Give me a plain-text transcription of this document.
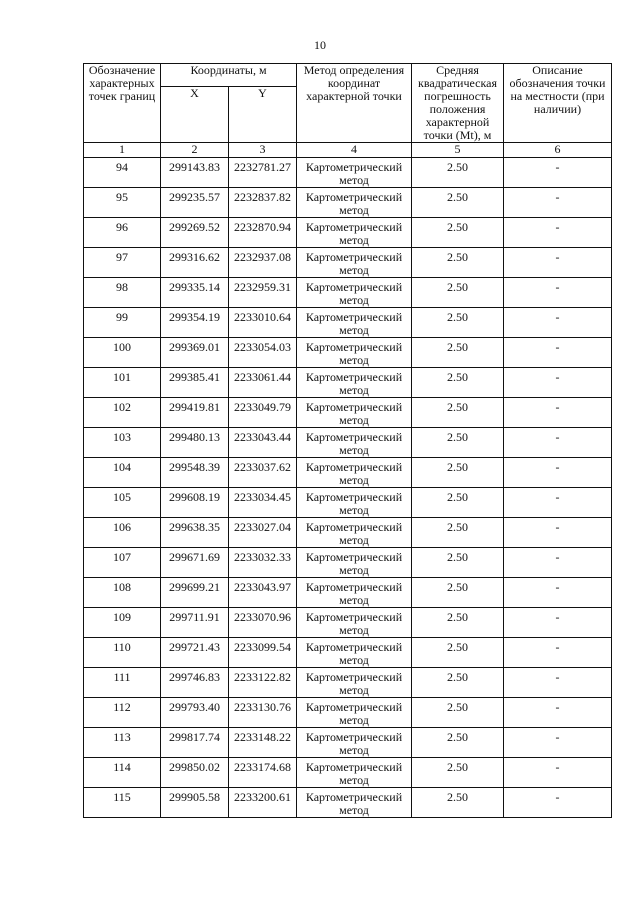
10
Обозначение характерных точек границ	Координаты, м		Метод определения координат характерной точки	Средняя квадратическая погрешность положения характерной точки (Mt), м	Описание обозначения точки на местности (при наличии)
	X	Y			
1	2	3	4	5	6
94	299143.83	2232781.27	Картометрический метод	2.50	-
95	299235.57	2232837.82	Картометрический метод	2.50	-
96	299269.52	2232870.94	Картометрический метод	2.50	-
97	299316.62	2232937.08	Картометрический метод	2.50	-
98	299335.14	2232959.31	Картометрический метод	2.50	-
99	299354.19	2233010.64	Картометрический метод	2.50	-
100	299369.01	2233054.03	Картометрический метод	2.50	-
101	299385.41	2233061.44	Картометрический метод	2.50	-
102	299419.81	2233049.79	Картометрический метод	2.50	-
103	299480.13	2233043.44	Картометрический метод	2.50	-
104	299548.39	2233037.62	Картометрический метод	2.50	-
105	299608.19	2233034.45	Картометрический метод	2.50	-
106	299638.35	2233027.04	Картометрический метод	2.50	-
107	299671.69	2233032.33	Картометрический метод	2.50	-
108	299699.21	2233043.97	Картометрический метод	2.50	-
109	299711.91	2233070.96	Картометрический метод	2.50	-
110	299721.43	2233099.54	Картометрический метод	2.50	-
111	299746.83	2233122.82	Картометрический метод	2.50	-
112	299793.40	2233130.76	Картометрический метод	2.50	-
113	299817.74	2233148.22	Картометрический метод	2.50	-
114	299850.02	2233174.68	Картометрический метод	2.50	-
115	299905.58	2233200.61	Картометрический метод	2.50	-
